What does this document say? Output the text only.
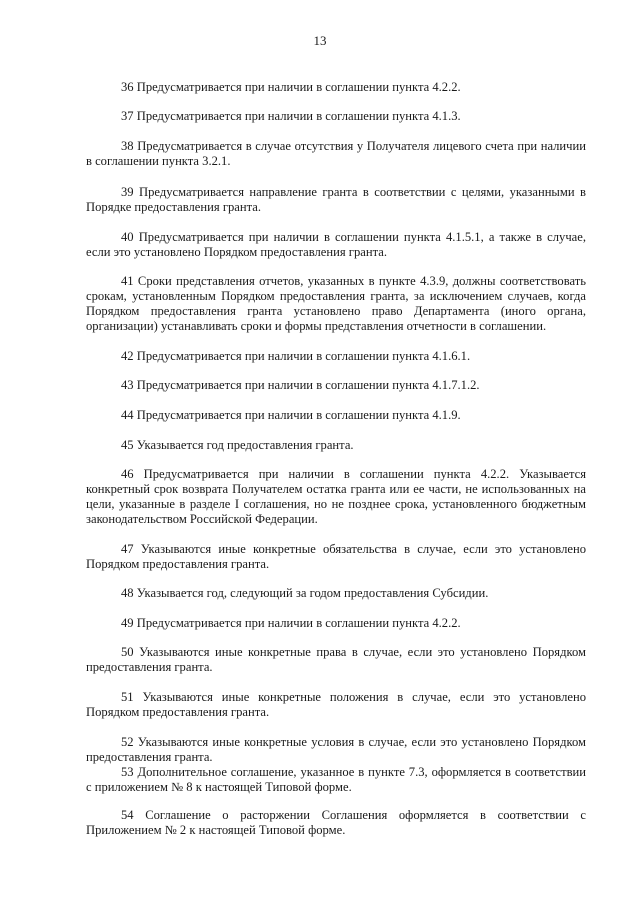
13

36 Предусматривается при наличии в соглашении пункта 4.2.2.

37 Предусматривается при наличии в соглашении пункта 4.1.3.

38 Предусматривается в случае отсутствия у Получателя лицевого счета при наличии в соглашении пункта 3.2.1.

39 Предусматривается направление гранта в соответствии с целями, указанными в Порядке предоставления гранта.

40 Предусматривается при наличии в соглашении пункта 4.1.5.1, а также в случае, если это установлено Порядком предоставления гранта.

41 Сроки представления отчетов, указанных в пункте 4.3.9, должны соответствовать срокам, установленным Порядком предоставления гранта, за исключением случаев, когда Порядком предоставления гранта установлено право Департамента (иного органа, организации) устанавливать сроки и формы представления отчетности в соглашении.

42 Предусматривается при наличии в соглашении пункта 4.1.6.1.

43 Предусматривается при наличии в соглашении пункта 4.1.7.1.2.

44 Предусматривается при наличии в соглашении пункта 4.1.9.

45 Указывается год предоставления гранта.

46 Предусматривается при наличии в соглашении пункта 4.2.2. Указывается конкретный срок возврата Получателем остатка гранта или ее части, не использованных на цели, указанные в разделе I соглашения, но не позднее срока, установленного бюджетным законодательством Российской Федерации.

47 Указываются иные конкретные обязательства в случае, если это установлено Порядком предоставления гранта.

48 Указывается год, следующий за годом предоставления Субсидии.

49 Предусматривается при наличии в соглашении пункта 4.2.2.

50 Указываются иные конкретные права в случае, если это установлено Порядком предоставления гранта.

51 Указываются иные конкретные положения в случае, если это установлено Порядком предоставления гранта.

52 Указываются иные конкретные условия в случае, если это установлено Порядком предоставления гранта.

53 Дополнительное соглашение, указанное в пункте 7.3, оформляется в соответствии с приложением № 8 к настоящей Типовой форме.

54 Соглашение о расторжении Соглашения оформляется в соответствии с Приложением № 2 к настоящей Типовой форме.
